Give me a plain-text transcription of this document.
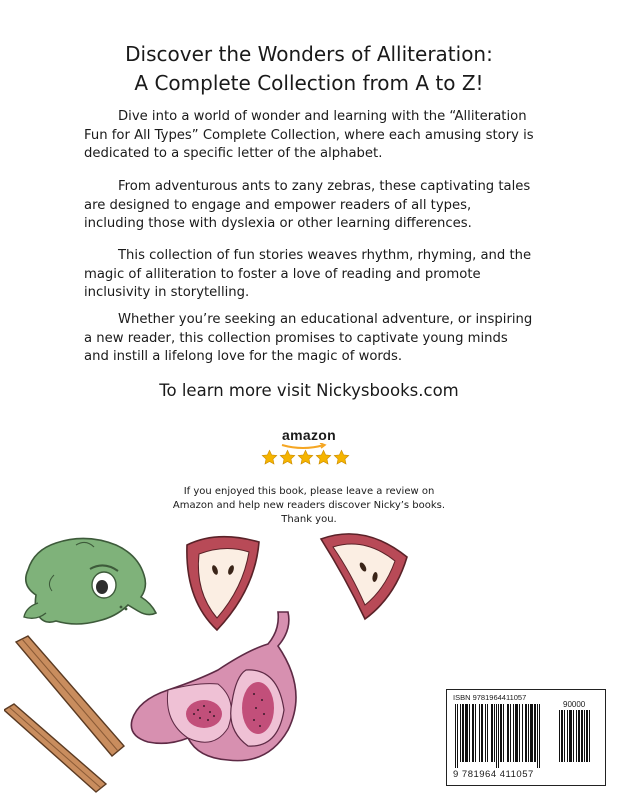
Discover the Wonders of Alliteration:
A Complete Collection from A to Z!

Dive into a world of wonder and learning with the “Alliteration Fun for All Types” Complete Collection, where each amusing story is dedicated to a specific letter of the alphabet.

From adventurous ants to zany zebras, these captivating tales are designed to engage and empower readers of all types, including those with dyslexia or other learning differences.

This collection of fun stories weaves rhythm, rhyming, and the magic of alliteration to foster a love of reading and promote inclusivity in storytelling.

Whether you’re seeking an educational adventure, or inspiring a new reader, this collection promises to captivate young minds and instill a lifelong love for the magic of words.

To learn more visit Nickysbooks.com

amazon

If you enjoyed this book, please leave a review on
Amazon and help new readers discover Nicky’s books.
Thank you.

ISBN 9781964411057
90000
9 781964 411057
